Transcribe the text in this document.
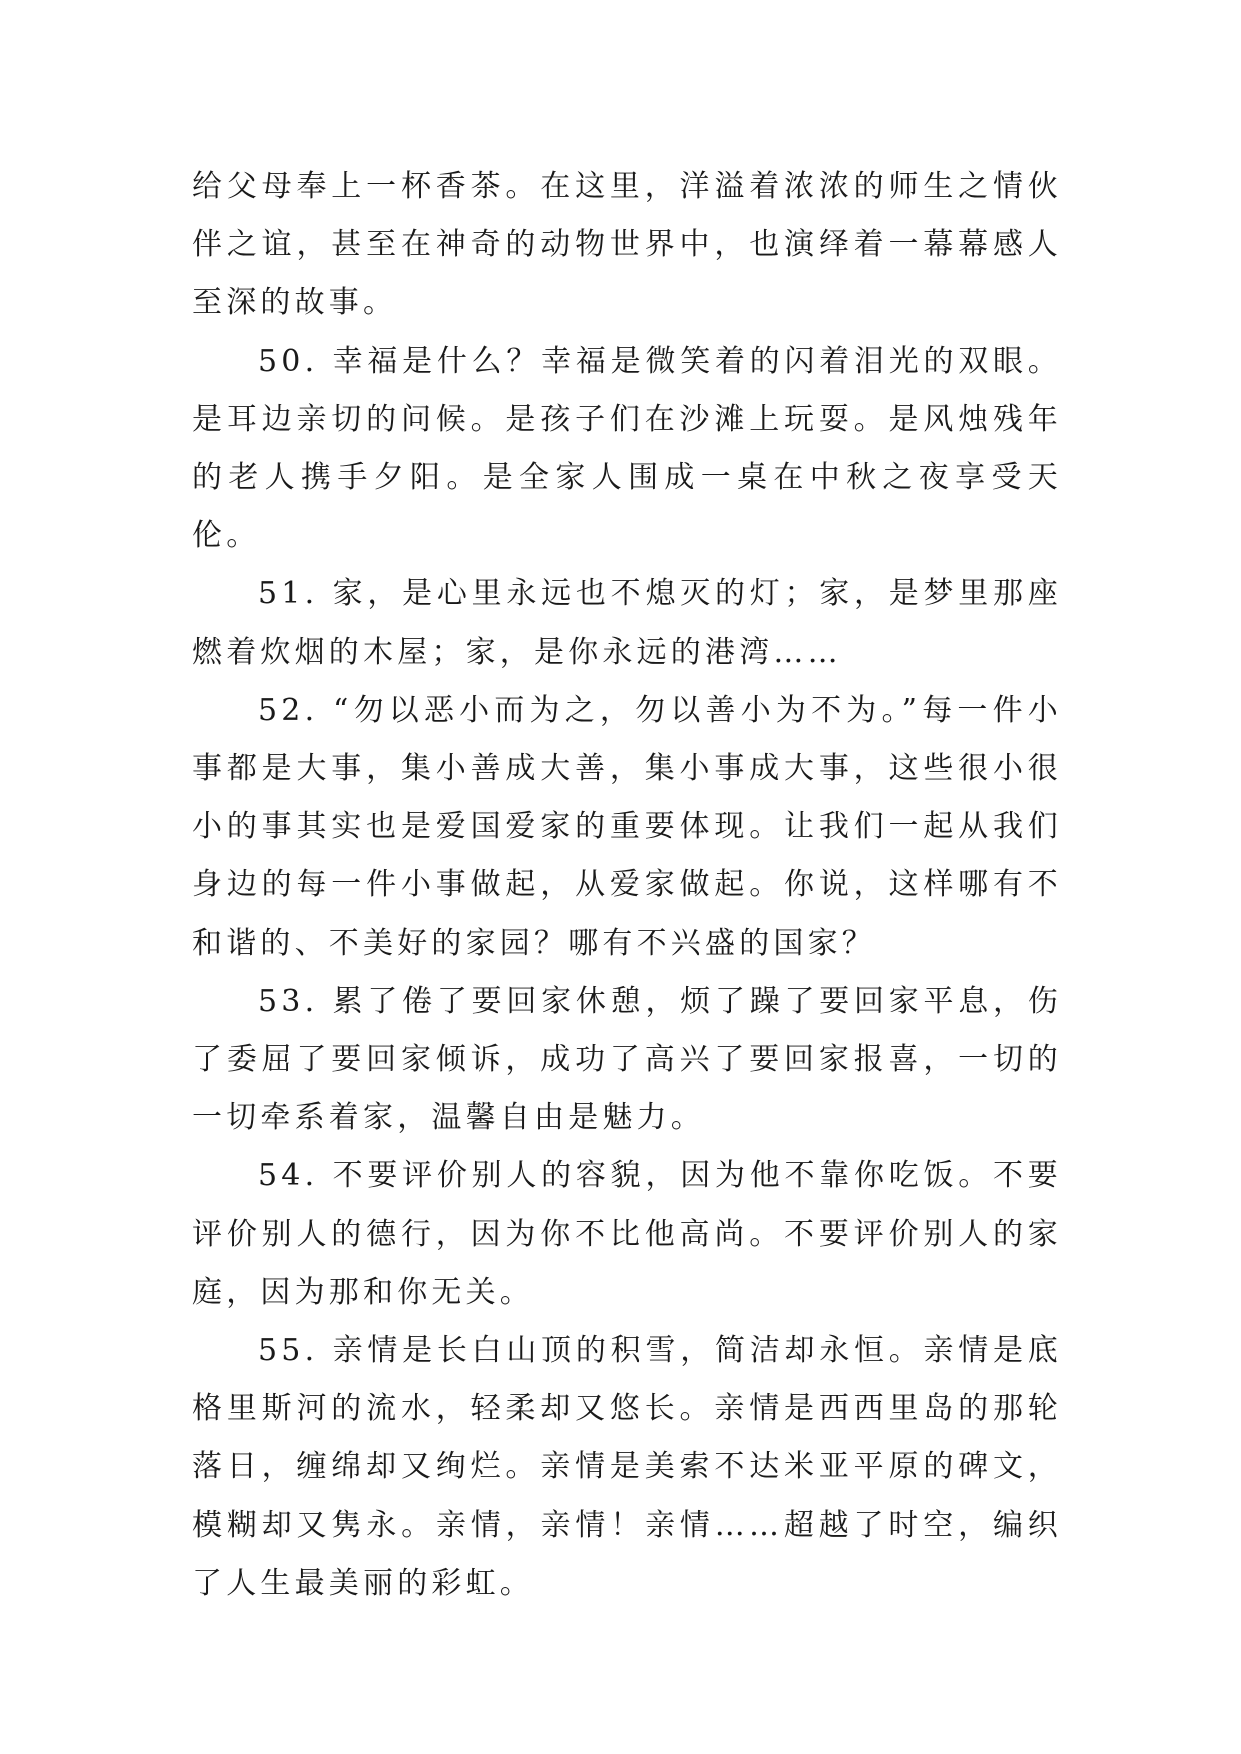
给父母奉上一杯香茶。在这里，洋溢着浓浓的师生之情伙伴之谊，甚至在神奇的动物世界中，也演绎着一幕幕感人至深的故事。

50. 幸福是什么？幸福是微笑着的闪着泪光的双眼。是耳边亲切的问候。是孩子们在沙滩上玩耍。是风烛残年的老人携手夕阳。是全家人围成一桌在中秋之夜享受天伦。

51. 家，是心里永远也不熄灭的灯；家，是梦里那座燃着炊烟的木屋；家，是你永远的港湾……

52. “勿以恶小而为之，勿以善小为不为。”每一件小事都是大事，集小善成大善，集小事成大事，这些很小很小的事其实也是爱国爱家的重要体现。让我们一起从我们身边的每一件小事做起，从爱家做起。你说，这样哪有不和谐的、不美好的家园？哪有不兴盛的国家？

53. 累了倦了要回家休憩，烦了躁了要回家平息，伤了委屈了要回家倾诉，成功了高兴了要回家报喜，一切的一切牵系着家，温馨自由是魅力。

54. 不要评价别人的容貌，因为他不靠你吃饭。不要评价别人的德行，因为你不比他高尚。不要评价别人的家庭，因为那和你无关。

55. 亲情是长白山顶的积雪，简洁却永恒。亲情是底格里斯河的流水，轻柔却又悠长。亲情是西西里岛的那轮落日，缠绵却又绚烂。亲情是美索不达米亚平原的碑文，模糊却又隽永。亲情，亲情！亲情……超越了时空，编织了人生最美丽的彩虹。
